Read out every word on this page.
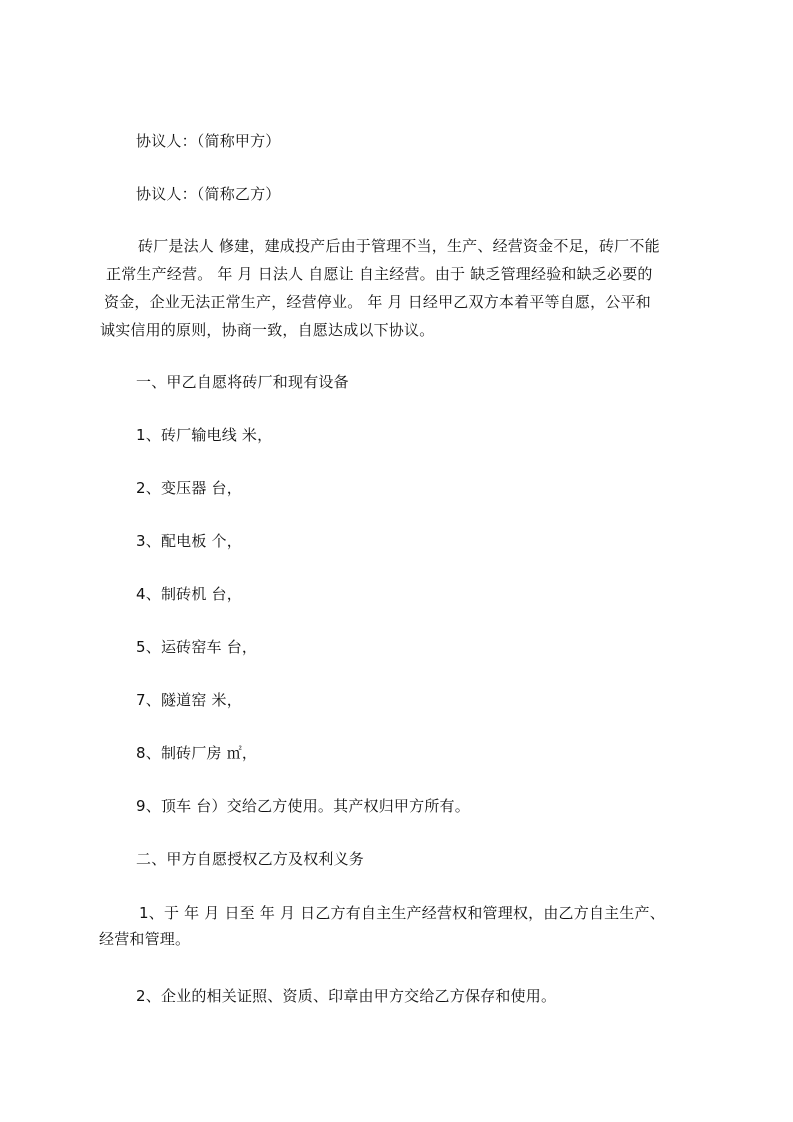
协议人：（简称甲方）
协议人：（简称乙方）
砖厂是法人 修建，建成投产后由于管理不当，生产、经营资金不足，砖厂不能
正常生产经营。 年 月 日法人 自愿让 自主经营。由于 缺乏管理经验和缺乏必要的
资金，企业无法正常生产，经营停业。 年 月 日经甲乙双方本着平等自愿，公平和
诚实信用的原则，协商一致，自愿达成以下协议。
一、甲乙自愿将砖厂和现有设备
1、砖厂输电线 米，
2、变压器 台，
3、配电板 个，
4、制砖机 台，
5、运砖窑车 台，
7、隧道窑 米，
8、制砖厂房 ㎡，
9、顶车 台）交给乙方使用。其产权归甲方所有。
二、甲方自愿授权乙方及权利义务
1、于 年 月 日至 年 月 日乙方有自主生产经营权和管理权，由乙方自主生产、
经营和管理。
2、企业的相关证照、资质、印章由甲方交给乙方保存和使用。
